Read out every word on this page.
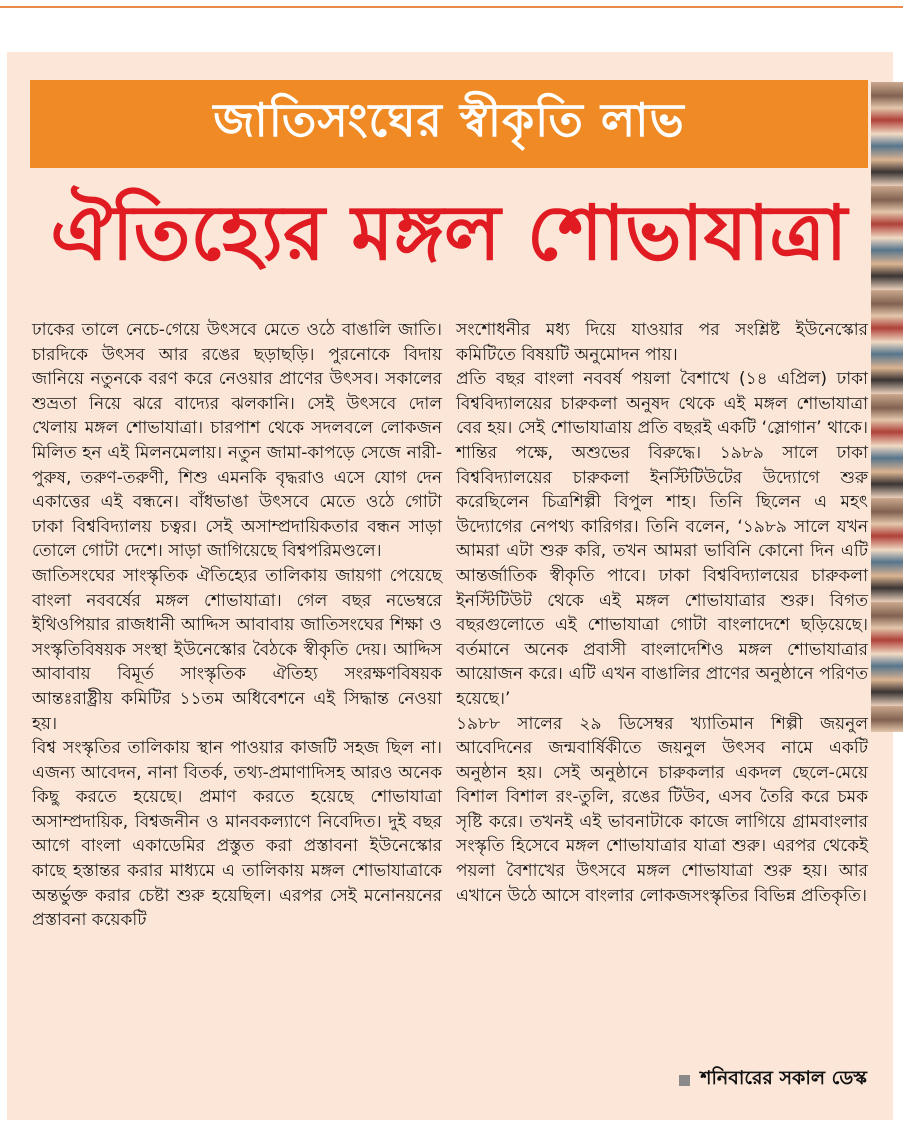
জাতিসংঘের স্বীকৃতি লাভ
ঐতিহ্যের মঙ্গল শোভাযাত্রা

ঢাকের তালে নেচে-গেয়ে উৎসবে মেতে ওঠে বাঙালি জাতি। চারদিকে উৎসব আর রঙের ছড়াছড়ি। পুরনোকে বিদায় জানিয়ে নতুনকে বরণ করে নেওয়ার প্রাণের উৎসব। সকালের শুভ্রতা নিয়ে ঝরে বাদ্যের ঝলকানি। সেই উৎসবে দোল খেলায় মঙ্গল শোভাযাত্রা। চারপাশ থেকে সদলবলে লোকজন মিলিত হন এই মিলনমেলায়। নতুন জামা-কাপড়ে সেজে নারী-পুরুষ, তরুণ-তরুণী, শিশু এমনকি বৃদ্ধরাও এসে যোগ দেন একাত্তের এই বন্ধনে। বাঁধভাঙা উৎসবে মেতে ওঠে গোটা ঢাকা বিশ্ববিদ্যালয় চত্বর। সেই অসাম্প্রদায়িকতার বন্ধন সাড়া তোলে গোটা দেশে। সাড়া জাগিয়েছে বিশ্বপরিমণ্ডলে।

জাতিসংঘের সাংস্কৃতিক ঐতিহ্যের তালিকায় জায়গা পেয়েছে বাংলা নববর্ষের মঙ্গল শোভাযাত্রা। গেল বছর নভেম্বরে ইথিওপিয়ার রাজধানী আদ্দিস আবাবায় জাতিসংঘের শিক্ষা ও সংস্কৃতিবিষয়ক সংস্থা ইউনেস্কোর বৈঠকে স্বীকৃতি দেয়। আদ্দিস আবাবায় বিমূর্ত সাংস্কৃতিক ঐতিহ্য সংরক্ষণবিষয়ক আন্তঃরাষ্ট্রীয় কমিটির ১১তম অধিবেশনে এই সিদ্ধান্ত নেওয়া হয়।

বিশ্ব সংস্কৃতির তালিকায় স্থান পাওয়ার কাজটি সহজ ছিল না। এজন্য আবেদন, নানা বিতর্ক, তথ্য-প্রমাণাদিসহ আরও অনেক কিছু করতে হয়েছে। প্রমাণ করতে হয়েছে শোভাযাত্রা অসাম্প্রদায়িক, বিশ্বজনীন ও মানবকল্যাণে নিবেদিত। দুই বছর আগে বাংলা একাডেমির প্রস্তুত করা প্রস্তাবনা ইউনেস্কোর কাছে হস্তান্তর করার মাধ্যমে এ তালিকায় মঙ্গল শোভাযাত্রাকে অন্তর্ভুক্ত করার চেষ্টা শুরু হয়েছিল। এরপর সেই মনোনয়নের প্রস্তাবনা কয়েকটি

সংশোধনীর মধ্য দিয়ে যাওয়ার পর সংশ্লিষ্ট ইউনেস্কোর কমিটিতে বিষয়টি অনুমোদন পায়।

প্রতি বছর বাংলা নববর্ষ পয়লা বৈশাখে (১৪ এপ্রিল) ঢাকা বিশ্ববিদ্যালয়ের চারুকলা অনুষদ থেকে এই মঙ্গল শোভাযাত্রা বের হয়। সেই শোভাযাত্রায় প্রতি বছরই একটি ‘স্লোগান’ থাকে। শান্তির পক্ষে, অশুভের বিরুদ্ধে। ১৯৮৯ সালে ঢাকা বিশ্ববিদ্যালয়ের চারুকলা ইনস্টিটিউটের উদ্যোগে শুরু করেছিলেন চিত্রশিল্পী বিপুল শাহ। তিনি ছিলেন এ মহৎ উদ্যোগের নেপথ্য কারিগর। তিনি বলেন, ‘১৯৮৯ সালে যখন আমরা এটা শুরু করি, তখন আমরা ভাবিনি কোনো দিন এটি আন্তর্জাতিক স্বীকৃতি পাবে। ঢাকা বিশ্ববিদ্যালয়ের চারুকলা ইনস্টিটিউট থেকে এই মঙ্গল শোভাযাত্রার শুরু। বিগত বছরগুলোতে এই শোভাযাত্রা গোটা বাংলাদেশে ছড়িয়েছে। বর্তমানে অনেক প্রবাসী বাংলাদেশিও মঙ্গল শোভাযাত্রার আয়োজন করে। এটি এখন বাঙালির প্রাণের অনুষ্ঠানে পরিণত হয়েছে।’

১৯৮৮ সালের ২৯ ডিসেম্বর খ্যাতিমান শিল্পী জয়নুল আবেদিনের জন্মবার্ষিকীতে জয়নুল উৎসব নামে একটি অনুষ্ঠান হয়। সেই অনুষ্ঠানে চারুকলার একদল ছেলে-মেয়ে বিশাল বিশাল রং-তুলি, রঙের টিউব, এসব তৈরি করে চমক সৃষ্টি করে। তখনই এই ভাবনাটাকে কাজে লাগিয়ে গ্রামবাংলার সংস্কৃতি হিসেবে মঙ্গল শোভাযাত্রার যাত্রা শুরু। এরপর থেকেই পয়লা বৈশাখের উৎসবে মঙ্গল শোভাযাত্রা শুরু হয়। আর এখানে উঠে আসে বাংলার লোকজসংস্কৃতির বিভিন্ন প্রতিকৃতি।

শনিবারের সকাল ডেস্ক
